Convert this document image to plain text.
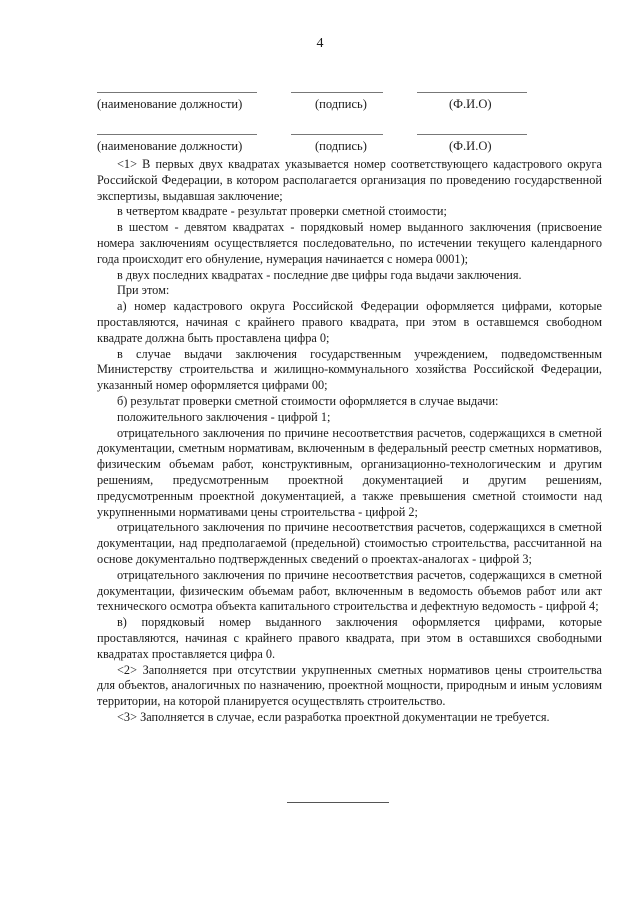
4
(наименование должности)	(подпись)	(Ф.И.О)
(наименование должности)	(подпись)	(Ф.И.О)

<1> В первых двух квадратах указывается номер соответствующего кадастрового округа Российской Федерации, в котором располагается организация по проведению государственной экспертизы, выдавшая заключение;

в четвертом квадрате - результат проверки сметной стоимости;

в шестом - девятом квадратах - порядковый номер выданного заключения (присвоение номера заключениям осуществляется последовательно, по истечении текущего календарного года происходит его обнуление, нумерация начинается с номера 0001);

в двух последних квадратах - последние две цифры года выдачи заключения.

При этом:

а) номер кадастрового округа Российской Федерации оформляется цифрами, которые проставляются, начиная с крайнего правого квадрата, при этом в оставшемся свободном квадрате должна быть проставлена цифра 0;

в случае выдачи заключения государственным учреждением, подведомственным Министерству строительства и жилищно-коммунального хозяйства Российской Федерации, указанный номер оформляется цифрами 00;

б) результат проверки сметной стоимости оформляется в случае выдачи:

положительного заключения - цифрой 1;

отрицательного заключения по причине несоответствия расчетов, содержащихся в сметной документации, сметным нормативам, включенным в федеральный реестр сметных нормативов, физическим объемам работ, конструктивным, организационно-технологическим и другим решениям, предусмотренным проектной документацией и другим решениям, предусмотренным проектной документацией, а также превышения сметной стоимости над укрупненными нормативами цены строительства - цифрой 2;

отрицательного заключения по причине несоответствия расчетов, содержащихся в сметной документации, над предполагаемой (предельной) стоимостью строительства, рассчитанной на основе документально подтвержденных сведений о проектах-аналогах - цифрой 3;

отрицательного заключения по причине несоответствия расчетов, содержащихся в сметной документации, физическим объемам работ, включенным в ведомость объемов работ или акт технического осмотра объекта капитального строительства и дефектную ведомость - цифрой 4;

в) порядковый номер выданного заключения оформляется цифрами, которые проставляются, начиная с крайнего правого квадрата, при этом в оставшихся свободными квадратах проставляется цифра 0.

<2> Заполняется при отсутствии укрупненных сметных нормативов цены строительства для объектов, аналогичных по назначению, проектной мощности, природным и иным условиям территории, на которой планируется осуществлять строительство.

<3> Заполняется в случае, если разработка проектной документации не требуется.
